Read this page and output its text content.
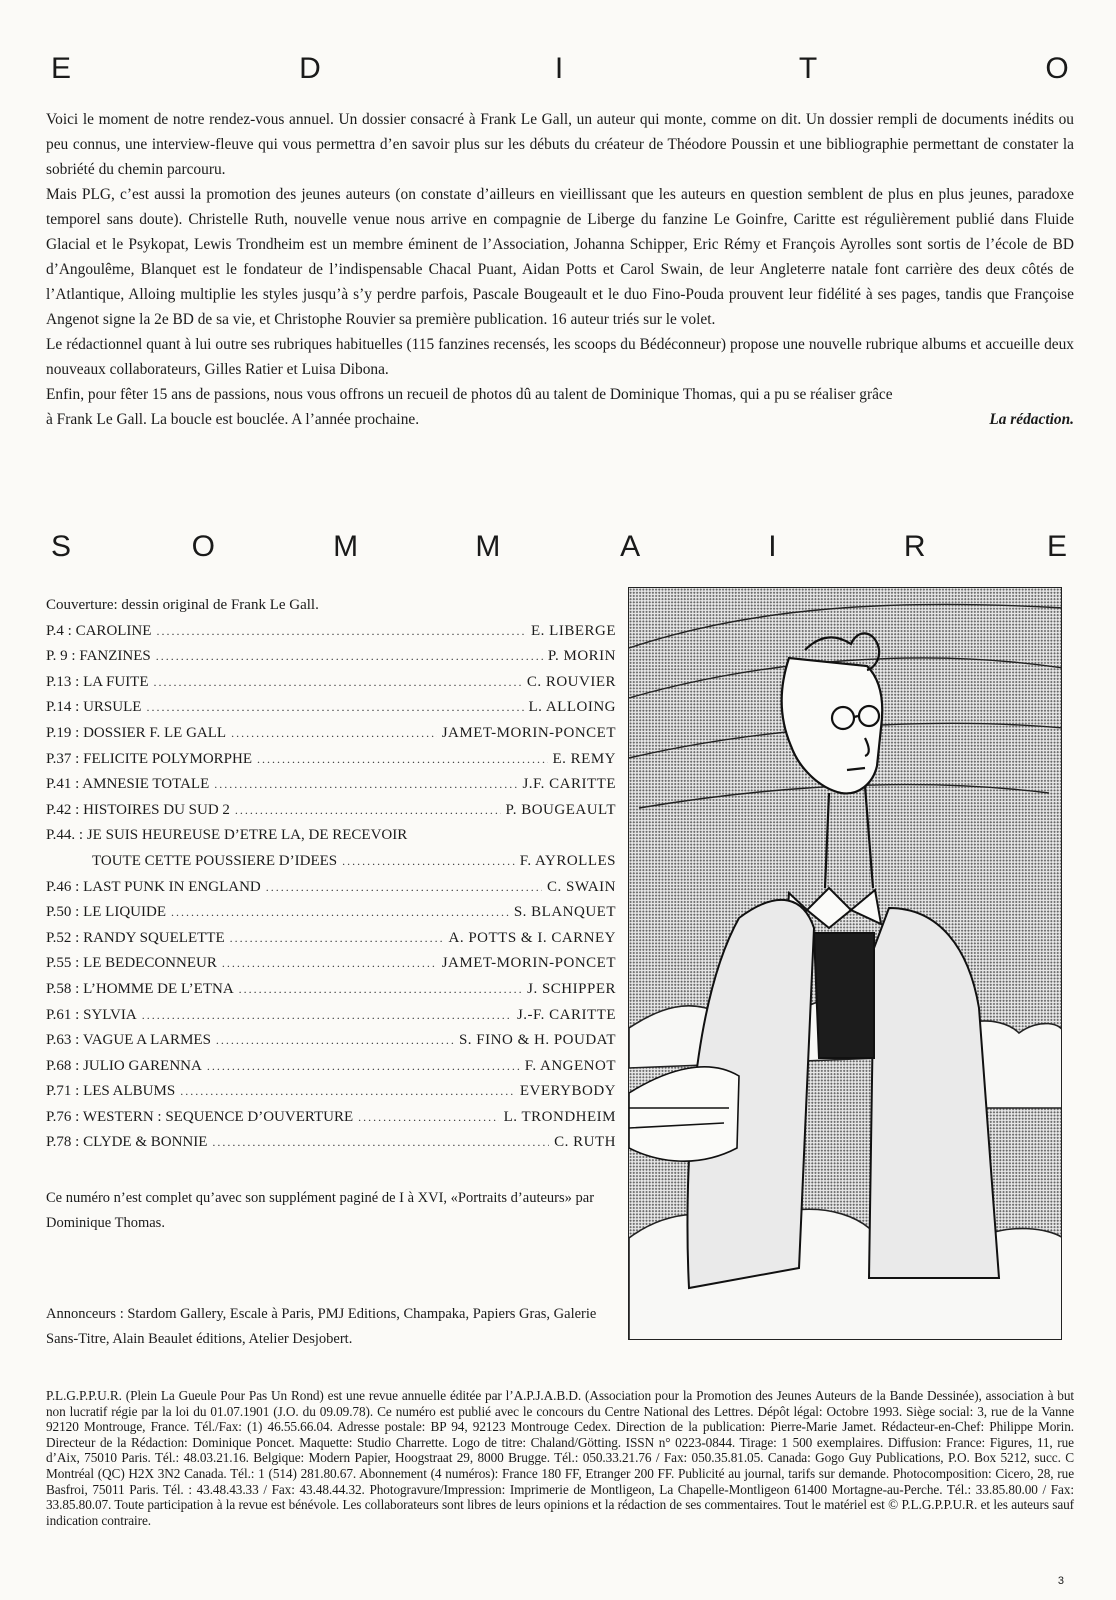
E	D	I	T	O

Voici le moment de notre rendez-vous annuel. Un dossier consacré à Frank Le Gall, un auteur qui monte, comme on dit. Un dossier rempli de documents inédits ou peu connus, une interview-fleuve qui vous permettra d’en savoir plus sur les débuts du créateur de Théodore Poussin et une bibliographie permettant de constater la sobriété du chemin parcouru.

Mais PLG, c’est aussi la promotion des jeunes auteurs (on constate d’ailleurs en vieillissant que les auteurs en question semblent de plus en plus jeunes, paradoxe temporel sans doute). Christelle Ruth, nouvelle venue nous arrive en compagnie de Liberge du fanzine Le Goinfre, Caritte est régulièrement publié dans Fluide Glacial et le Psykopat, Lewis Trondheim est un membre éminent de l’Association, Johanna Schipper, Eric Rémy et François Ayrolles sont sortis de l’école de BD d’Angoulême, Blanquet est le fondateur de l’indispensable Chacal Puant, Aidan Potts et Carol Swain, de leur Angleterre natale font carrière des deux côtés de l’Atlantique, Alloing multiplie les styles jusqu’à s’y perdre parfois, Pascale Bougeault et le duo Fino-Pouda prouvent leur fidélité à ses pages, tandis que Françoise Angenot signe la 2e BD de sa vie, et Christophe Rouvier sa première publication. 16 auteur triés sur le volet.

Le rédactionnel quant à lui outre ses rubriques habituelles (115 fanzines recensés, les scoops du Bédéconneur) propose une nouvelle rubrique albums et accueille deux nouveaux collaborateurs, Gilles Ratier et Luisa Dibona.

Enfin, pour fêter 15 ans de passions, nous vous offrons un recueil de photos dû au talent de Dominique Thomas, qui a pu se réaliser grâce

à Frank Le Gall. La boucle est bouclée. A l’année prochaine.	La rédaction.
S	O	M	M	A	I	R	E
Couverture: dessin original de Frank Le Gall.
P.4 : CAROLINE .....	E. LIBERGE
P. 9 : FANZINES .....	P. MORIN
P.13 : LA FUITE .....	C. ROUVIER
P.14 : URSULE .....	L. ALLOING
P.19 : DOSSIER F. LE GALL .....	JAMET-MORIN-PONCET
P.37 : FELICITE POLYMORPHE .....	E. REMY
P.41 : AMNESIE TOTALE .....	J.F. CARITTE
P.42 : HISTOIRES DU SUD 2 .....	P. BOUGEAULT
P.44. : JE SUIS HEUREUSE D’ETRE LA, DE RECEVOIR
TOUTE CETTE POUSSIERE D’IDEES .....	F. AYROLLES
P.46 : LAST PUNK IN ENGLAND .....	C. SWAIN
P.50 : LE LIQUIDE .....	S. BLANQUET
P.52 : RANDY SQUELETTE .....	A. POTTS & I. CARNEY
P.55 : LE BEDECONNEUR .....	JAMET-MORIN-PONCET
P.58 : L’HOMME DE L’ETNA .....	J. SCHIPPER
P.61 : SYLVIA .....	J.-F. CARITTE
P.63 : VAGUE A LARMES .....	S. FINO & H. POUDAT
P.68 : JULIO GARENNA .....	F. ANGENOT
P.71 : LES ALBUMS .....	EVERYBODY
P.76 : WESTERN : SEQUENCE D’OUVERTURE .....	L. TRONDHEIM
P.78 : CLYDE & BONNIE .....	C. RUTH
Ce numéro n’est complet qu’avec son supplément paginé de I à XVI, «Portraits d’auteurs» par Dominique Thomas.
Annonceurs : Stardom Gallery, Escale à Paris, PMJ Editions, Champaka, Papiers Gras, Galerie Sans-Titre, Alain Beaulet éditions, Atelier Desjobert.
P.L.G.P.P.U.R. (Plein La Gueule Pour Pas Un Rond) est une revue annuelle éditée par l’A.P.J.A.B.D. (Association pour la Promotion des Jeunes Auteurs de la Bande Dessinée), association à but non lucratif régie par la loi du 01.07.1901 (J.O. du 09.09.78). Ce numéro est publié avec le concours du Centre National des Lettres. Dépôt légal: Octobre 1993. Siège social: 3, rue de la Vanne 92120 Montrouge, France. Tél./Fax: (1) 46.55.66.04. Adresse postale: BP 94, 92123 Montrouge Cedex. Direction de la publication: Pierre-Marie Jamet. Rédacteur-en-Chef: Philippe Morin. Directeur de la Rédaction: Dominique Poncet. Maquette: Studio Charrette. Logo de titre: Chaland/Götting. ISSN n° 0223-0844. Tirage: 1 500 exemplaires. Diffusion: France: Figures, 11, rue d’Aix, 75010 Paris. Tél.: 48.03.21.16. Belgique: Modern Papier, Hoogstraat 29, 8000 Brugge. Tél.: 050.33.21.76 / Fax: 050.35.81.05. Canada: Gogo Guy Publications, P.O. Box 5212, succ. C Montréal (QC) H2X 3N2 Canada. Tél.: 1 (514) 281.80.67. Abonnement (4 numéros): France 180 FF, Etranger 200 FF. Publicité au journal, tarifs sur demande. Photocomposition: Cicero, 28, rue Basfroi, 75011 Paris. Tél. : 43.48.43.33 / Fax: 43.48.44.32. Photogravure/Impression: Imprimerie de Montligeon, La Chapelle-Montligeon 61400 Mortagne-au-Perche. Tél.: 33.85.80.00 / Fax: 33.85.80.07. Toute participation à la revue est bénévole. Les collaborateurs sont libres de leurs opinions et la rédaction de ses commentaires. Tout le matériel est © P.L.G.P.P.U.R. et les auteurs sauf indication contraire.
3
